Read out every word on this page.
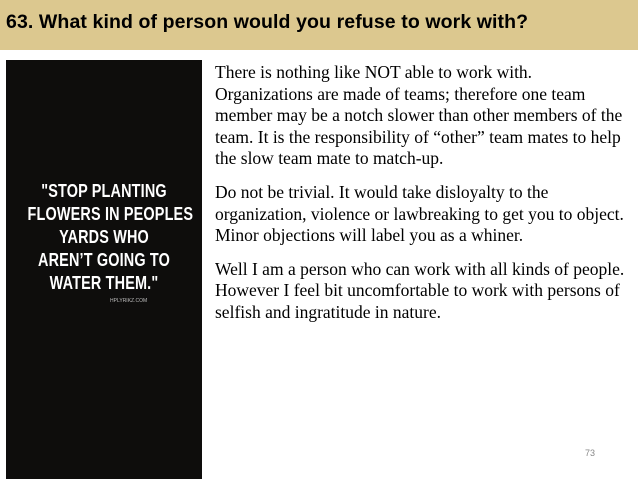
63. What kind of person would you refuse to work with?
"STOP PLANTING
FLOWERS IN PEOPLES
YARDS WHO
AREN’T GOING TO
WATER THEM."
HPLYRIKZ.COM

There is nothing like NOT able to work with. Organizations are made of teams; therefore one team member may be a notch slower than other members of the team. It is the responsibility of “other” team mates to help the slow team mate to match-up.

Do not be trivial. It would take disloyalty to the organization, violence or lawbreaking to get you to object. Minor objections will label you as a whiner.

Well I am a person who can work with all kinds of people. However I feel bit uncomfortable to work with persons of selfish and ingratitude in nature.

73
